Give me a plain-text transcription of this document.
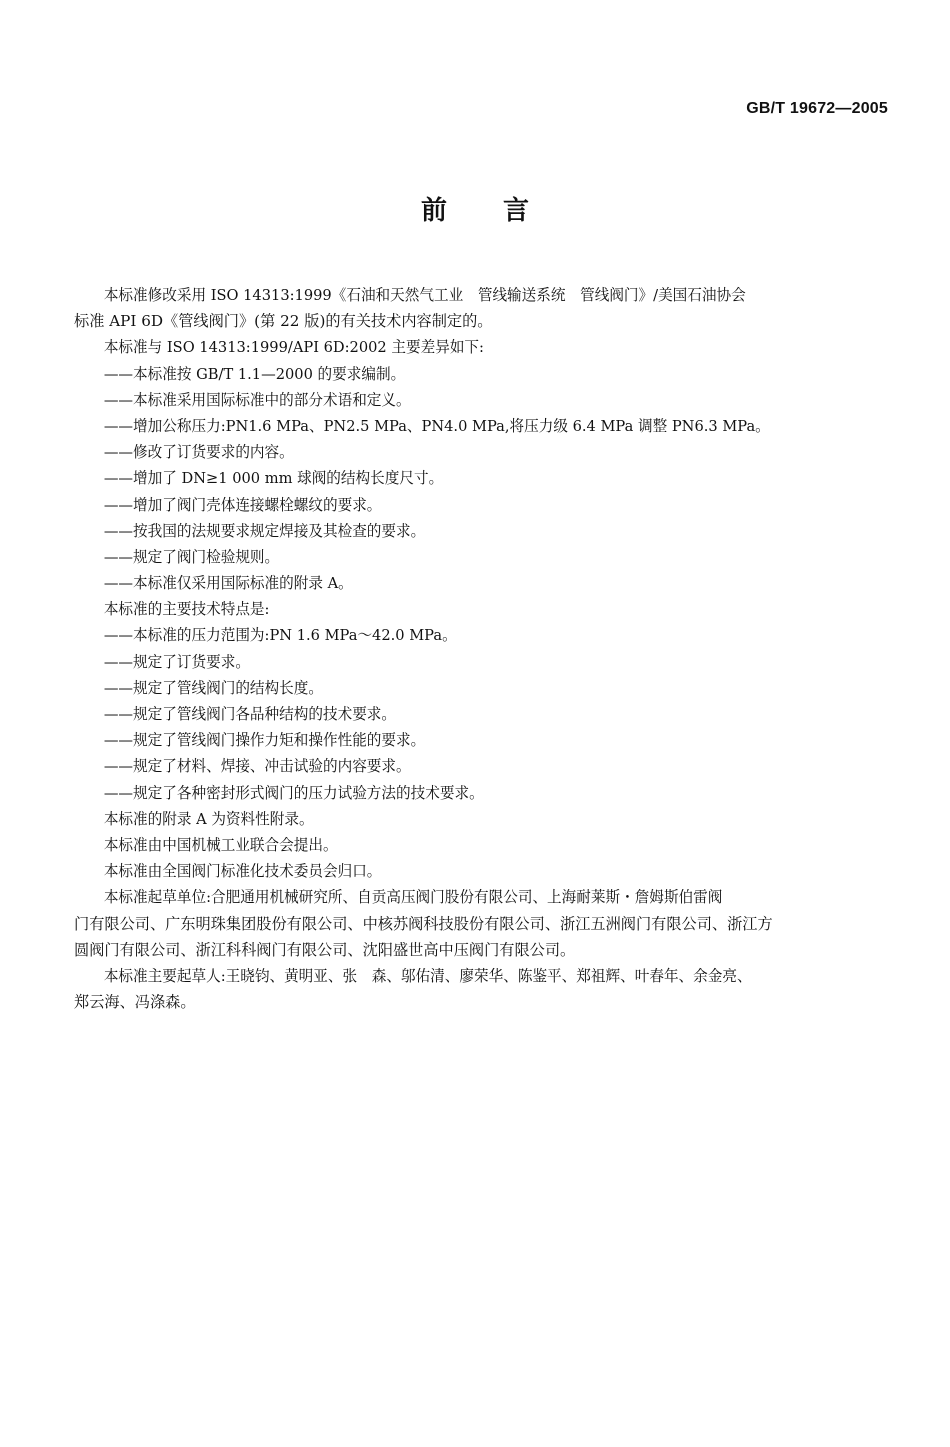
GB/T 19672—2005
前言
本标准修改采用 ISO 14313:1999《石油和天然气工业　管线输送系统　管线阀门》/美国石油协会
标准 API 6D《管线阀门》(第 22 版)的有关技术内容制定的。
本标准与 ISO 14313:1999/API 6D:2002 主要差异如下:
——本标准按 GB/T 1.1—2000 的要求编制。
——本标准采用国际标准中的部分术语和定义。
——增加公称压力:PN1.6 MPa、PN2.5 MPa、PN4.0 MPa,将压力级 6.4 MPa 调整 PN6.3 MPa。
——修改了订货要求的内容。
——增加了 DN≥1 000 mm 球阀的结构长度尺寸。
——增加了阀门壳体连接螺栓螺纹的要求。
——按我国的法规要求规定焊接及其检查的要求。
——规定了阀门检验规则。
——本标准仅采用国际标准的附录 A。
本标准的主要技术特点是:
——本标准的压力范围为:PN 1.6 MPa～42.0 MPa。
——规定了订货要求。
——规定了管线阀门的结构长度。
——规定了管线阀门各品种结构的技术要求。
——规定了管线阀门操作力矩和操作性能的要求。
——规定了材料、焊接、冲击试验的内容要求。
——规定了各种密封形式阀门的压力试验方法的技术要求。
本标准的附录 A 为资料性附录。
本标准由中国机械工业联合会提出。
本标准由全国阀门标准化技术委员会归口。
本标准起草单位:合肥通用机械研究所、自贡高压阀门股份有限公司、上海耐莱斯・詹姆斯伯雷阀
门有限公司、广东明珠集团股份有限公司、中核苏阀科技股份有限公司、浙江五洲阀门有限公司、浙江方
圆阀门有限公司、浙江科科阀门有限公司、沈阳盛世高中压阀门有限公司。
本标准主要起草人:王晓钧、黄明亚、张　森、邬佑清、廖荣华、陈鉴平、郑祖辉、叶春年、余金亮、
郑云海、冯涤森。
